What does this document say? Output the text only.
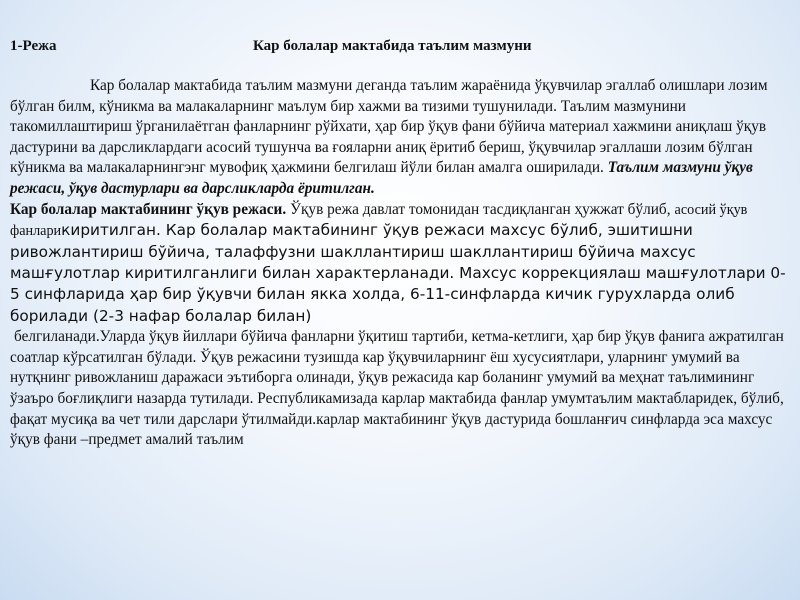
1-Режа	Кар болалар мактабида таълим мазмуни

Кар болалар мактабида таълим мазмуни деганда таълим жараёнида ўқувчилар эгаллаб олишлари лозим бўлган билм, кўникма ва малакаларнинг маълум бир хажми ва тизими тушунилади. Таълим мазмунини такомиллаштириш ўрганилаётган фанларнинг рўйхати, ҳар бир ўқув фани бўйича материал хажмини аниқлаш ўқув дастурини ва дарсликлардаги асосий тушунча ва ғояларни аниқ ёритиб бериш, ўқувчилар эгаллаши лозим бўлган кўникма ва малакаларнингэнг мувофиқ ҳажмини белгилаш йўли билан амалга оширилади. Таълим мазмуни ўқув режаси, ўқув дастурлари ва дарсликларда ёритилган.

Кар болалар мактабининг ўқув режаси. Ўқув режа давлат томонидан тасдиқланган ҳужжат бўлиб, асосий ўқув фанларикиритилган. Кар болалар мактабининг ўқув режаси махсус бўлиб, эшитишни ривожлантириш бўйича, талаффузни шакллантириш шакллантириш бўйича махсус машғулотлар киритилганлиги билан характерланади. Махсус коррекциялаш машғулотлари 0-5 синфларида ҳар бир ўқувчи билан якка холда, 6-11-синфларда кичик гурухларда олиб борилади (2-3 нафар болалар билан)

белгиланади.Уларда ўқув йиллари бўйича фанларни ўқитиш тартиби, кетма-кетлиги, ҳар бир ўқув фанига ажратилган соатлар кўрсатилган бўлади. Ўқув режасини тузишда кар ўқувчиларнинг ёш хусусиятлари, уларнинг умумий ва нутқнинг ривожланиш даражаси эътиборга олинади, ўқув режасида кар боланинг умумий ва меҳнат таълимининг ўзаъро боғлиқлиги назарда тутилади. Республикамизада карлар мактабида фанлар умумтаълим мактабларидек, бўлиб, фақат мусиқа ва чет тили дарслари ўтилмайди.карлар мактабининг ўқув дастурида бошланғич синфларда эса махсус ўқув фани –предмет амалий таълим
